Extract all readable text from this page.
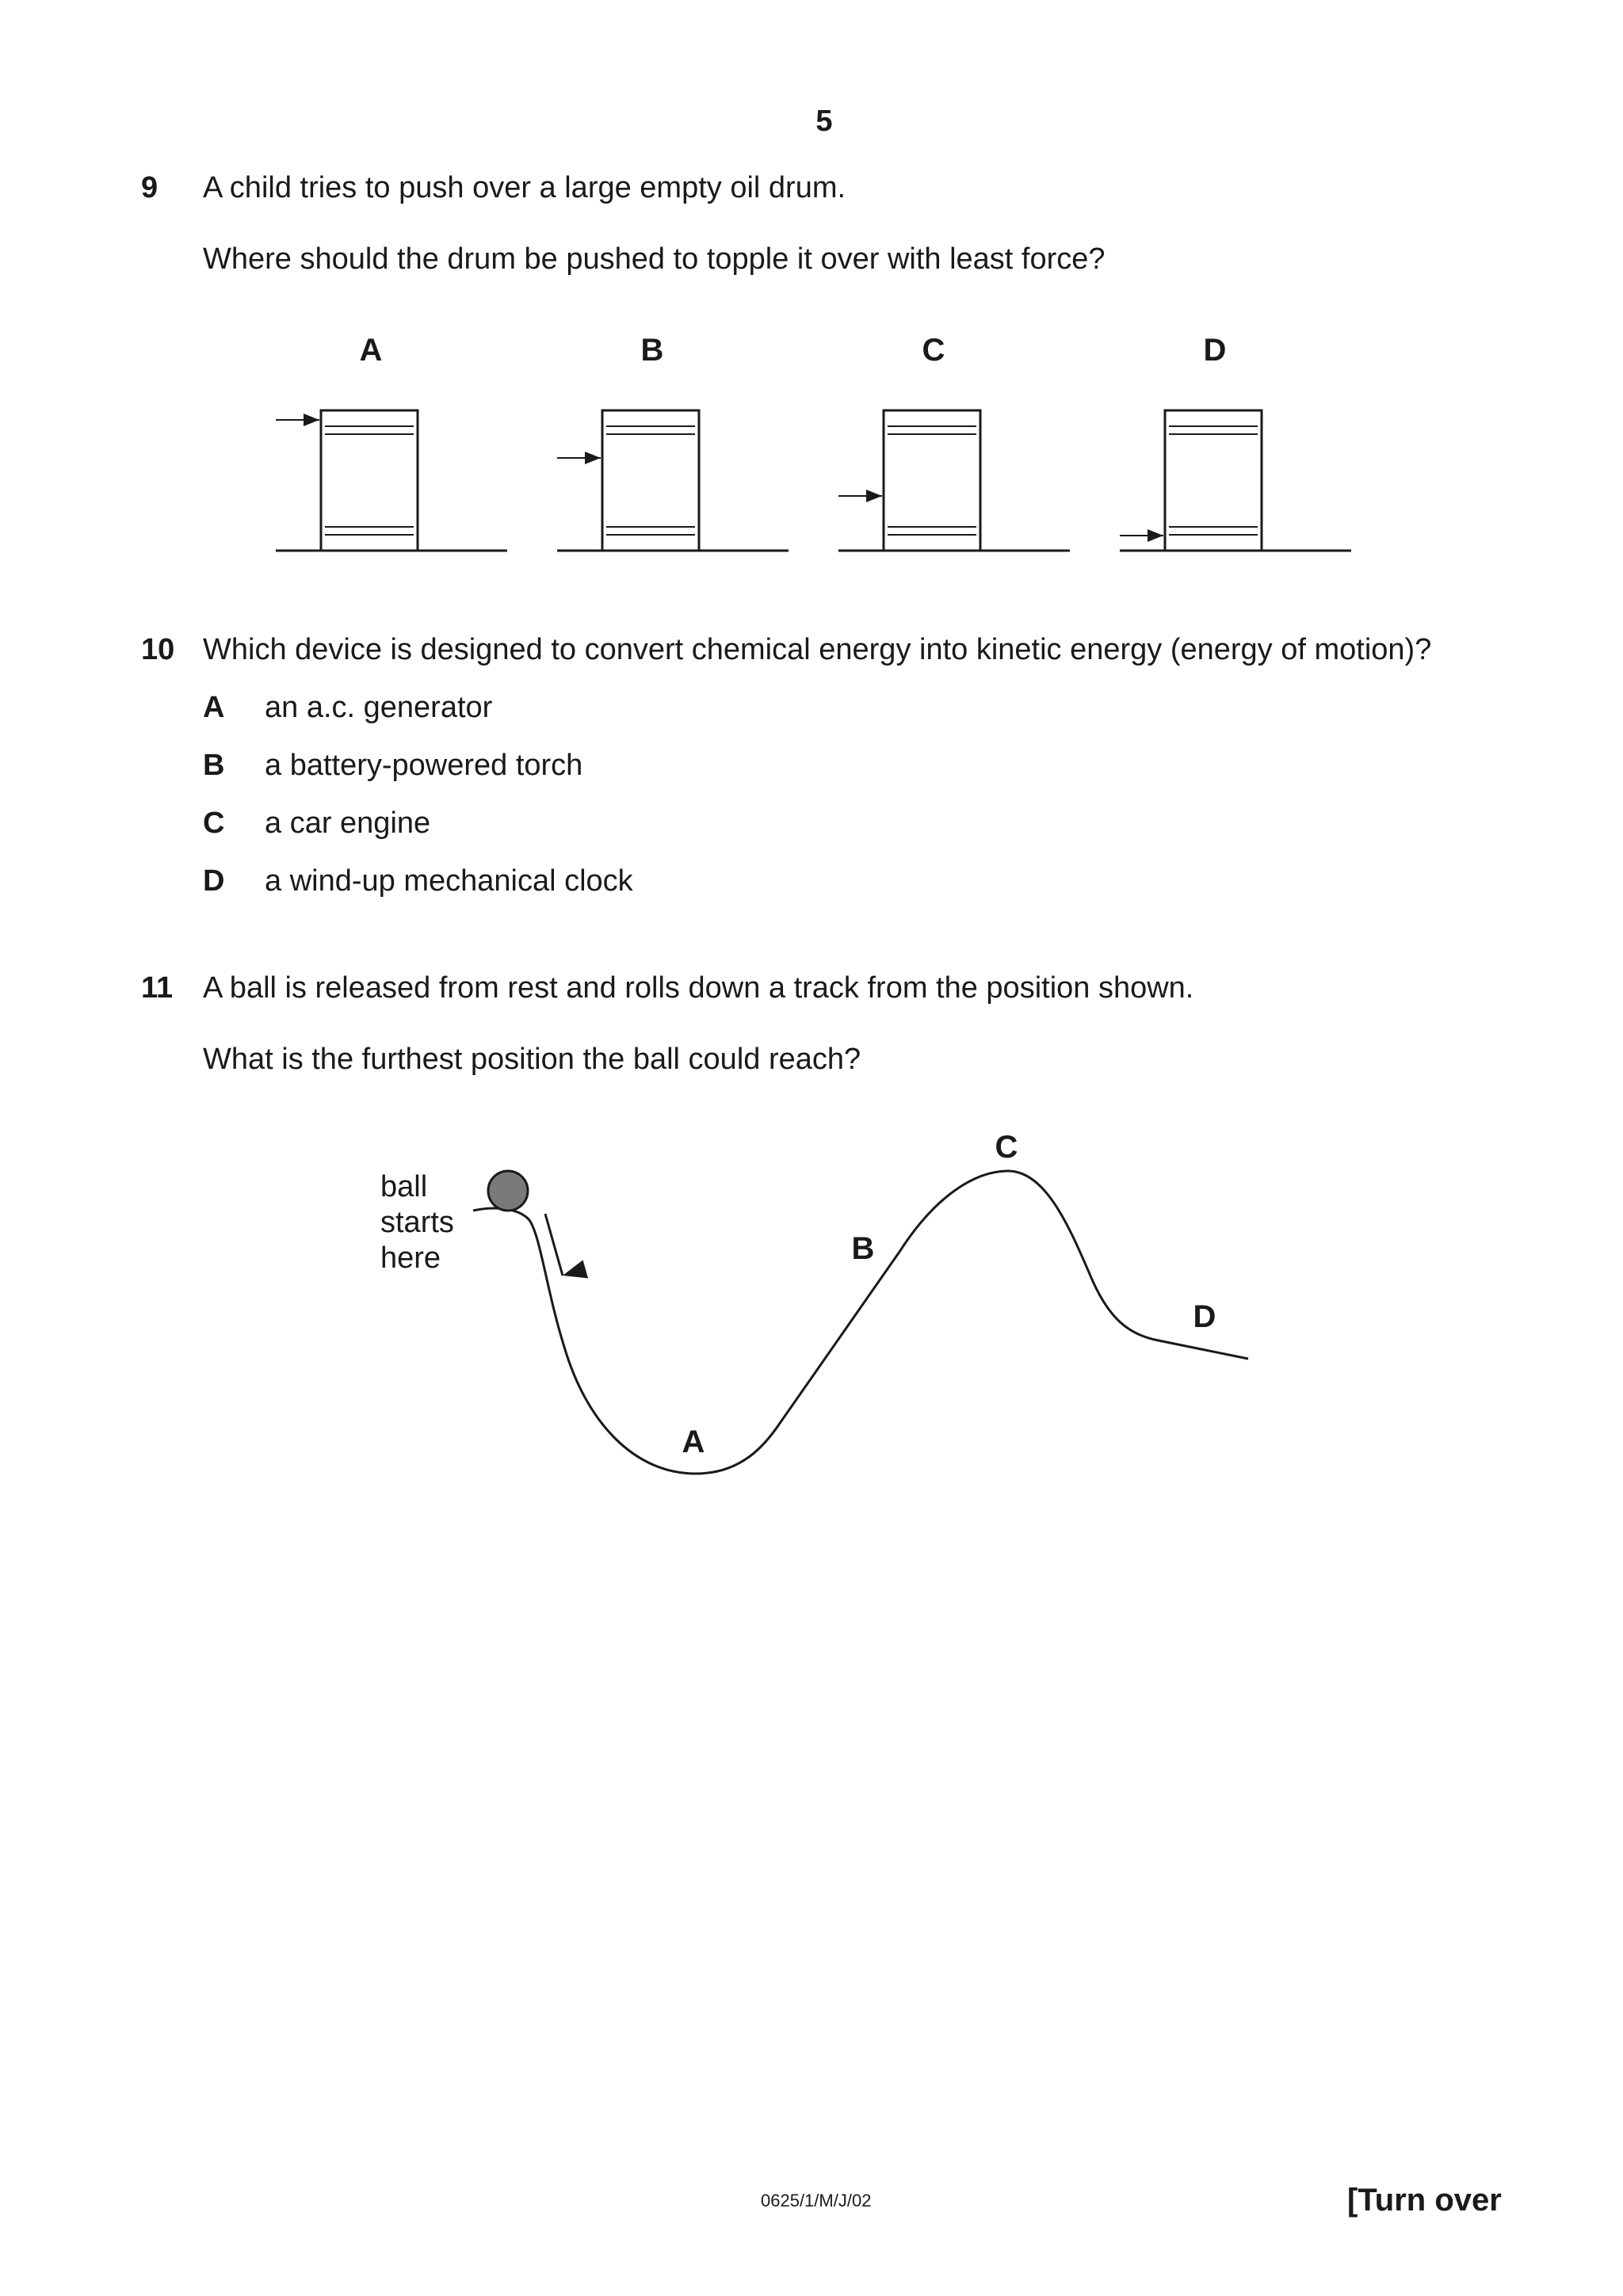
5
9 A child tries to push over a large empty oil drum.
Where should the drum be pushed to topple it over with least force?
A	B	C	D
10 Which device is designed to convert chemical energy into kinetic energy (energy of motion)?
A an a.c. generator
B a battery-powered torch
C a car engine
D a wind-up mechanical clock
11 A ball is released from rest and rolls down a track from the position shown.
What is the furthest position the ball could reach?
ball
starts
here
A
B
C
D
0625/1/M/J/02	[Turn over
